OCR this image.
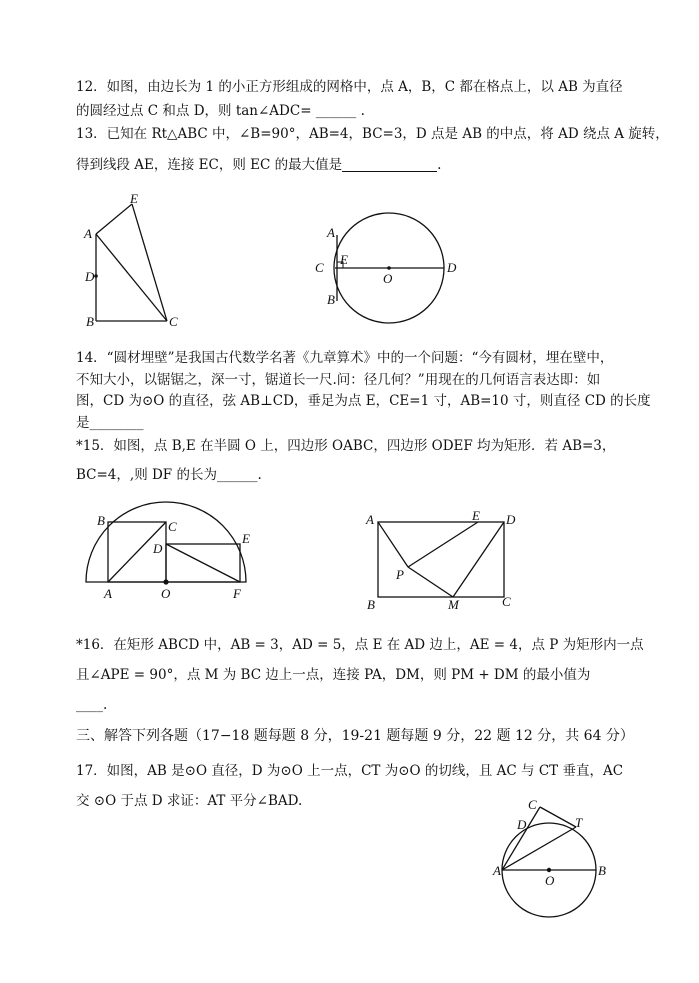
12．如图，由边长为 1 的小正方形组成的网格中，点 A，B，C 都在格点上，以 AB 为直径
的圆经过点 C 和点 D，则 tan∠ADC= ______ .
13．已知在 Rt△ABC 中，∠B=90°，AB=4，BC=3，D 点是 AB 的中点，将 AD 绕点 A 旋转，
得到线段 AE，连接 EC，则 EC 的最大值是	.
A
D
B	C
E
A
C
E
B
O
D
14．“圆材埋壁”是我国古代数学名著《九章算术》中的一个问题：“今有圆材，埋在壁中，
不知大小，以锯锯之，深一寸，锯道长一尺.问：径几何？”用现在的几何语言表达即：如
图，CD 为⊙O 的直径，弦 AB⊥CD，垂足为点 E，CE=1 寸，AB=10 寸，则直径 CD 的长度
是________
*15．如图，点 B,E 在半圆 O 上，四边形 OABC，四边形 ODEF 均为矩形．若 AB=3，
BC=4，,则 DF 的长为______.
B	C
D
E
A	O	F
A	E D
P
B	M	C
*16．在矩形 ABCD 中，AB = 3，AD = 5，点 E 在 AD 边上，AE = 4，点 P 为矩形内一点
且∠APE = 90°，点 M 为 BC 边上一点，连接 PA，DM，则 PM + DM 的最小值为
____.
三、解答下列各题（17−18 题每题 8 分，19-21 题每题 9 分，22 题 12 分，共 64 分）
17．如图，AB 是⊙O 直径，D 为⊙O 上一点，CT 为⊙O 的切线，且 AC 与 CT 垂直，AC
交 ⊙O 于点 D 求证：AT 平分∠BAD.	C
D	T
A
O
B
